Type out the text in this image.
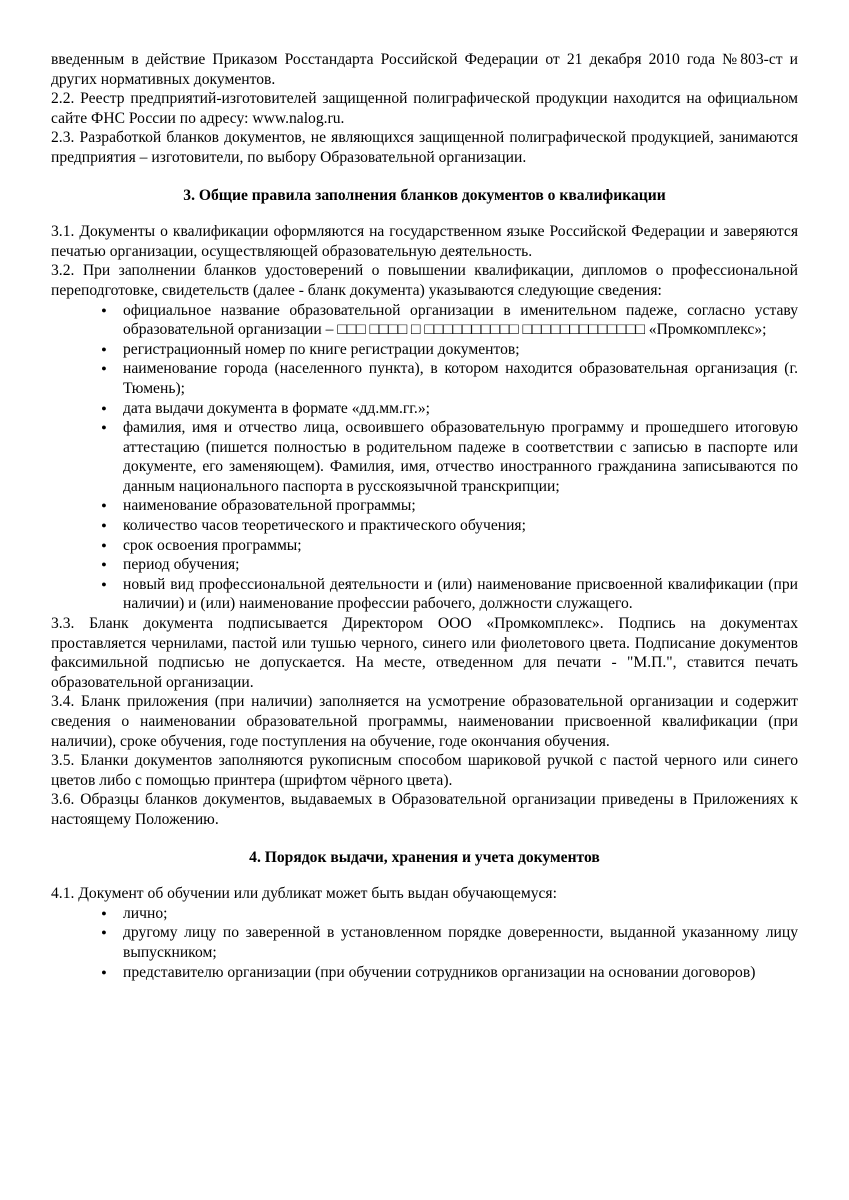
введенным в действие Приказом Росстандарта Российской Федерации от 21 декабря 2010 года №803-ст и других нормативных документов.

2.2. Реестр предприятий-изготовителей защищенной полиграфической продукции находится на официальном сайте ФНС России по адресу: www.nalog.ru.

2.3. Разработкой бланков документов, не являющихся защищенной полиграфической продукцией, занимаются предприятия – изготовители, по выбору Образовательной организации.

3. Общие правила заполнения бланков документов о квалификации

3.1. Документы о квалификации оформляются на государственном языке Российской Федерации и заверяются печатью организации, осуществляющей образовательную деятельность.

3.2. При заполнении бланков удостоверений о повышении квалификации, дипломов о профессиональной переподготовке, свидетельств (далее - бланк документа) указываются следующие сведения:

● официальное название образовательной организации в именительном падеже, согласно уставу образовательной организации – □□□ □□□□ □ □□□□□□□□□□ □□□□□□□□□□□□□ «Промкомплекс»;
● регистрационный номер по книге регистрации документов;
● наименование города (населенного пункта), в котором находится образовательная организация (г. Тюмень);
● дата выдачи документа в формате «дд.мм.гг.»;
● фамилия, имя и отчество лица, освоившего образовательную программу и прошедшего итоговую аттестацию (пишется полностью в родительном падеже в соответствии с записью в паспорте или документе, его заменяющем). Фамилия, имя, отчество иностранного гражданина записываются по данным национального паспорта в русскоязычной транскрипции;
● наименование образовательной программы;
● количество часов теоретического и практического обучения;
● срок освоения программы;
● период обучения;
● новый вид профессиональной деятельности и (или) наименование присвоенной квалификации (при наличии) и (или) наименование профессии рабочего, должности служащего.

3.3. Бланк документа подписывается Директором ООО «Промкомплекс». Подпись на документах проставляется чернилами, пастой или тушью черного, синего или фиолетового цвета. Подписание документов факсимильной подписью не допускается. На месте, отведенном для печати - "М.П.", ставится печать образовательной организации.

3.4. Бланк приложения (при наличии) заполняется на усмотрение образовательной организации и содержит сведения о наименовании образовательной программы, наименовании присвоенной квалификации (при наличии), сроке обучения, годе поступления на обучение, годе окончания обучения.

3.5. Бланки документов заполняются рукописным способом шариковой ручкой с пастой черного или синего цветов либо с помощью принтера (шрифтом чёрного цвета).

3.6. Образцы бланков документов, выдаваемых в Образовательной организации приведены в Приложениях к настоящему Положению.

4. Порядок выдачи, хранения и учета документов

4.1. Документ об обучении или дубликат может быть выдан обучающемуся:

● лично;
● другому лицу по заверенной в установленном порядке доверенности, выданной указанному лицу выпускником;
● представителю организации (при обучении сотрудников организации на основании договоров)
